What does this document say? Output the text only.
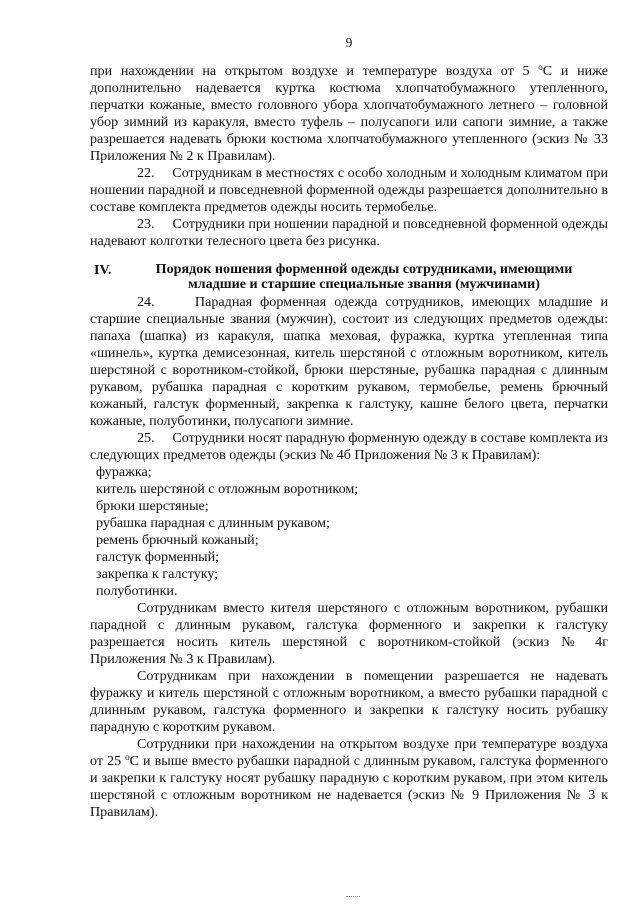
9

при нахождении на открытом воздухе и температуре воздуха от 5 $^о$С и ниже дополнительно надевается куртка костюма хлопчатобумажного утепленного, перчатки кожаные, вместо головного убора хлопчатобумажного летнего – головной убор зимний из каракуля, вместо туфель – полусапоги или сапоги зимние, а также разрешается надевать брюки костюма хлопчатобумажного утепленного (эскиз № 33 Приложения № 2 к Правилам).

22. Сотрудникам в местностях с особо холодным и холодным климатом при ношении парадной и повседневной форменной одежды разрешается дополнительно в составе комплекта предметов одежды носить термобелье.

23. Сотрудники при ношении парадной и повседневной форменной одежды надевают колготки телесного цвета без рисунка.

IV.	Порядок ношения форменной одежды сотрудниками, имеющими младшие и старшие специальные звания (мужчинами)

24.	Парадная форменная одежда сотрудников, имеющих младшие и старшие специальные звания (мужчин), состоит из следующих предметов одежды: папаха (шапка) из каракуля, шапка меховая, фуражка, куртка утепленная типа «шинель», куртка демисезонная, китель шерстяной с отложным воротником, китель шерстяной с воротником-стойкой, брюки шерстяные, рубашка парадная с длинным рукавом, рубашка парадная с коротким рукавом, термобелье, ремень брючный кожаный, галстук форменный, закрепка к галстуку, кашне белого цвета, перчатки кожаные, полуботинки, полусапоги зимние.

25. Сотрудники носят парадную форменную одежду в составе комплекта из следующих предметов одежды (эскиз № 4б Приложения № 3 к Правилам):

фуражка;
китель шерстяной с отложным воротником;
брюки шерстяные;
рубашка парадная с длинным рукавом;
ремень брючный кожаный;
галстук форменный;
закрепка к галстуку;
полуботинки.

Сотрудникам вместо кителя шерстяного с отложным воротником, рубашки парадной с длинным рукавом, галстука форменного и закрепки к галстуку разрешается носить китель шерстяной с воротником-стойкой (эскиз № 4г Приложения № 3 к Правилам).

Сотрудникам при нахождении в помещении разрешается не надевать фуражку и китель шерстяной с отложным воротником, а вместо рубашки парадной с длинным рукавом, галстука форменного и закрепки к галстуку носить рубашку парадную с коротким рукавом.

Сотрудники при нахождении на открытом воздухе при температуре воздуха от 25 $^о$С и выше вместо рубашки парадной с длинным рукавом, галстука форменного и закрепки к галстуку носят рубашку парадную с коротким рукавом, при этом китель шерстяной с отложным воротником не надевается (эскиз № 9 Приложения № 3 к Правилам).
